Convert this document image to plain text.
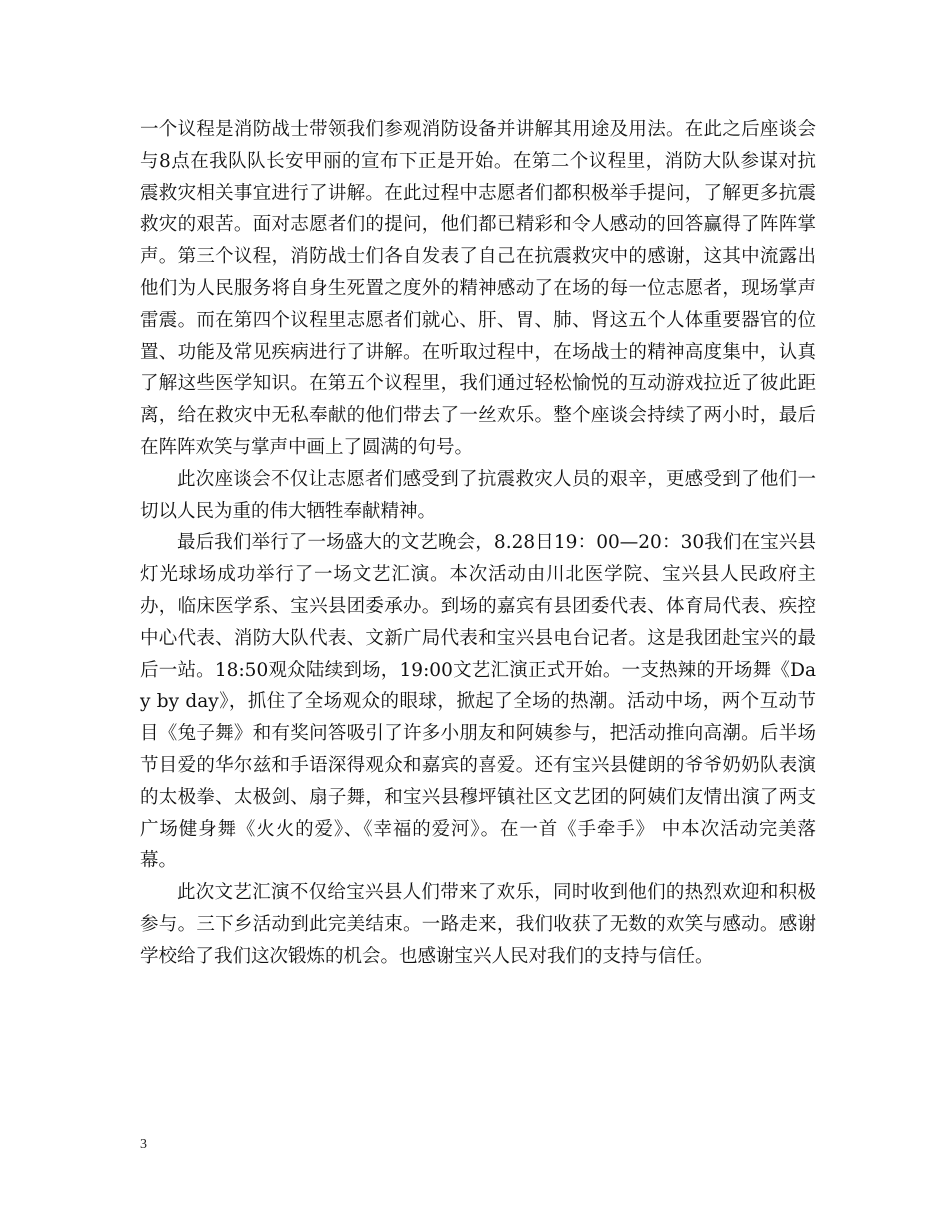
一个议程是消防战士带领我们参观消防设备并讲解其用途及用法。在此之后座谈会与8点在我队队长安甲丽的宣布下正是开始。在第二个议程里，消防大队参谋对抗震救灾相关事宜进行了讲解。在此过程中志愿者们都积极举手提问，了解更多抗震救灾的艰苦。面对志愿者们的提问，他们都已精彩和令人感动的回答赢得了阵阵掌声。第三个议程，消防战士们各自发表了自己在抗震救灾中的感谢，这其中流露出他们为人民服务将自身生死置之度外的精神感动了在场的每一位志愿者，现场掌声雷震。而在第四个议程里志愿者们就心、肝、胃、肺、肾这五个人体重要器官的位置、功能及常见疾病进行了讲解。在听取过程中，在场战士的精神高度集中，认真了解这些医学知识。在第五个议程里，我们通过轻松愉悦的互动游戏拉近了彼此距离，给在救灾中无私奉献的他们带去了一丝欢乐。整个座谈会持续了两小时，最后在阵阵欢笑与掌声中画上了圆满的句号。

此次座谈会不仅让志愿者们感受到了抗震救灾人员的艰辛，更感受到了他们一切以人民为重的伟大牺牲奉献精神。

最后我们举行了一场盛大的文艺晚会，8.28日19：00—20：30我们在宝兴县灯光球场成功举行了一场文艺汇演。本次活动由川北医学院、宝兴县人民政府主办，临床医学系、宝兴县团委承办。到场的嘉宾有县团委代表、体育局代表、疾控中心代表、消防大队代表、文新广局代表和宝兴县电台记者。这是我团赴宝兴的最后一站。18:50观众陆续到场，19:00文艺汇演正式开始。一支热辣的开场舞《Day by day》，抓住了全场观众的眼球，掀起了全场的热潮。活动中场，两个互动节目《兔子舞》和有奖问答吸引了许多小朋友和阿姨参与，把活动推向高潮。后半场节目爱的华尔兹和手语深得观众和嘉宾的喜爱。还有宝兴县健朗的爷爷奶奶队表演的太极拳、太极剑、扇子舞，和宝兴县穆坪镇社区文艺团的阿姨们友情出演了两支广场健身舞《火火的爱》、《幸福的爱河》。在一首《手牵手》 中本次活动完美落幕。

此次文艺汇演不仅给宝兴县人们带来了欢乐，同时收到他们的热烈欢迎和积极参与。三下乡活动到此完美结束。一路走来，我们收获了无数的欢笑与感动。感谢学校给了我们这次锻炼的机会。也感谢宝兴人民对我们的支持与信任。

3
